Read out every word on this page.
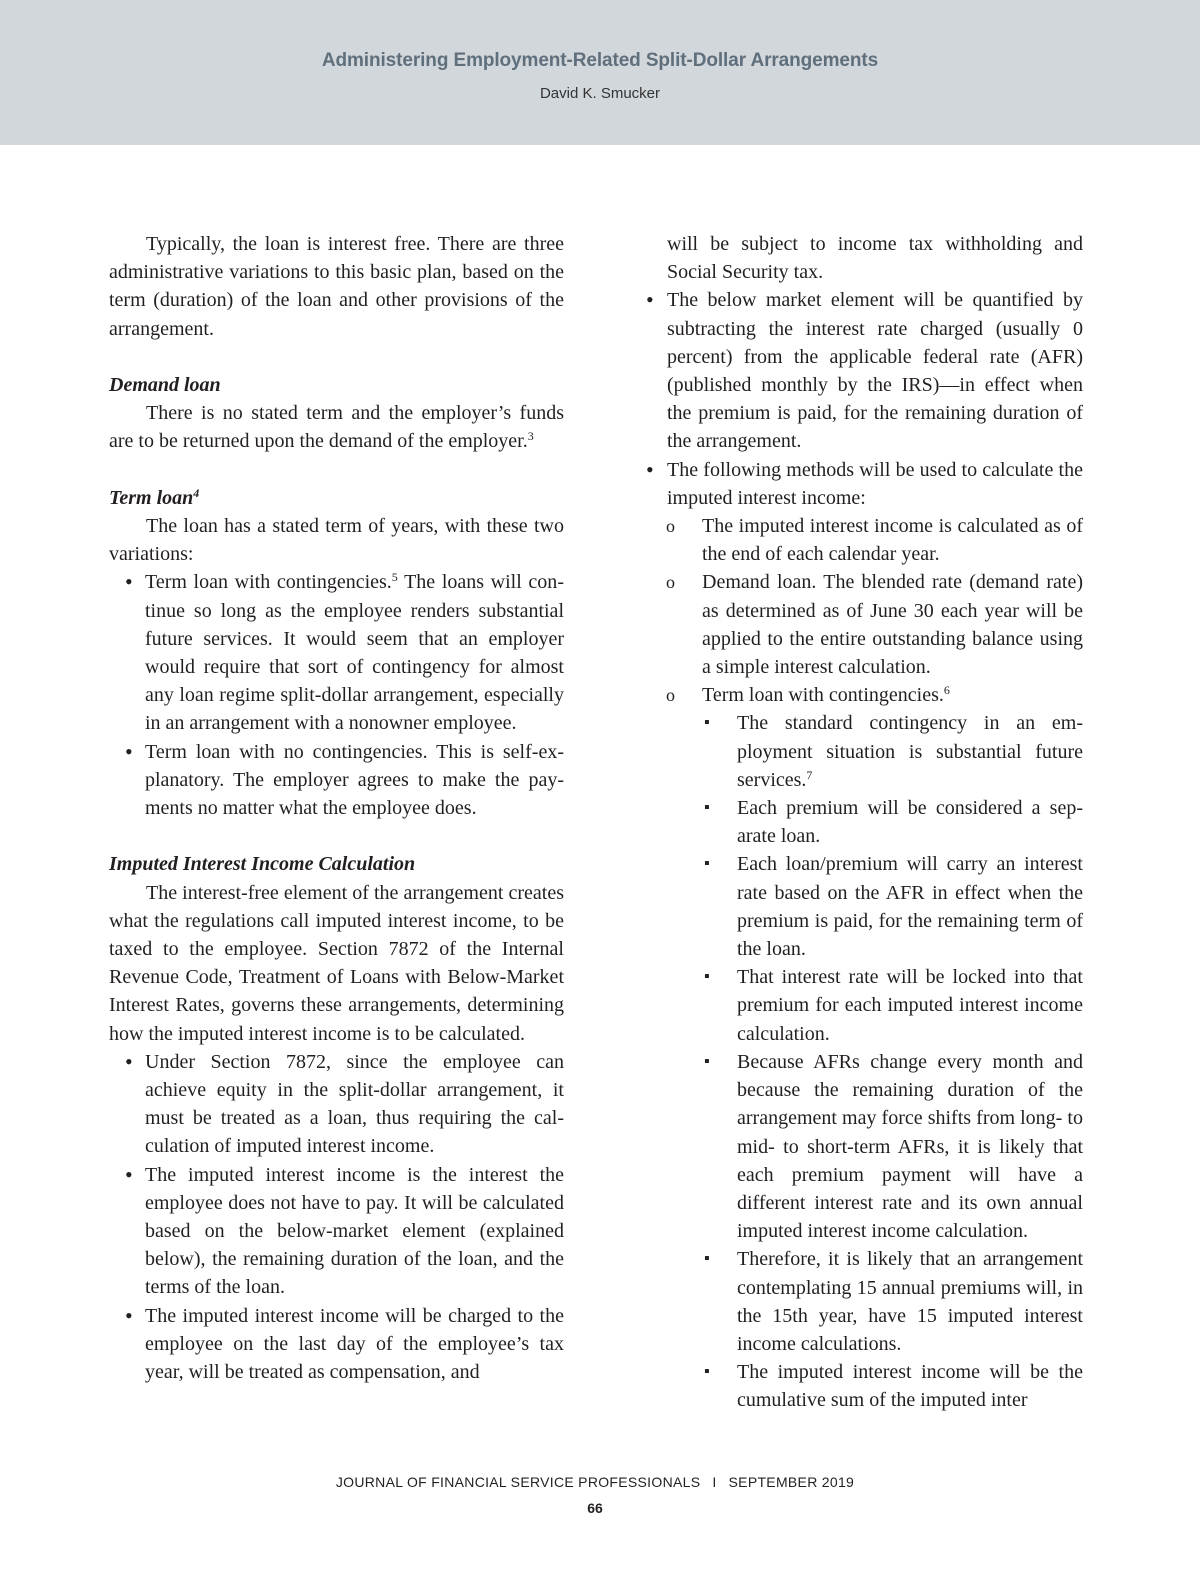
Administering Employment-Related Split-Dollar Arrangements
David K. Smucker

Typically, the loan is interest free. There are three administrative variations to this basic plan, based on the term (duration) of the loan and other provisions of the arrangement.

Demand loan

There is no stated term and the employer’s funds are to be returned upon the demand of the employer.$^3$

Term loan$^4$

The loan has a stated term of years, with these two variations:

• Term loan with contingencies.$^5$ The loans will continue so long as the employee renders substantial future services. It would seem that an employer would require that sort of contingency for almost any loan regime split-dollar arrangement, especially in an arrangement with a nonowner employee.
• Term loan with no contingencies. This is self-explanatory. The employer agrees to make the payments no matter what the employee does.

Imputed Interest Income Calculation

The interest-free element of the arrangement creates what the regulations call imputed interest income, to be taxed to the employee. Section 7872 of the Internal Revenue Code, Treatment of Loans with Below-Market Interest Rates, governs these arrangements, determining how the imputed interest income is to be calculated.

• Under Section 7872, since the employee can achieve equity in the split-dollar arrangement, it must be treated as a loan, thus requiring the calculation of imputed interest income.
• The imputed interest income is the interest the employee does not have to pay. It will be calculated based on the below-market element (explained below), the remaining duration of the loan, and the terms of the loan.
• The imputed interest income will be charged to the employee on the last day of the employee’s tax year, will be treated as compensation, and

will be subject to income tax withholding and Social Security tax.

• The below market element will be quantified by subtracting the interest rate charged (usually 0 percent) from the applicable federal rate (AFR) (published monthly by the IRS)—in effect when the premium is paid, for the remaining duration of the arrangement.
• The following methods will be used to calculate the imputed interest income:
o The imputed interest income is calculated as of the end of each calendar year.
o Demand loan. The blended rate (demand rate) as determined as of June 30 each year will be applied to the entire outstanding balance using a simple interest calculation.
o Term loan with contingencies.$^6$
▪ The standard contingency in an employment situation is substantial future services.$^7$
▪ Each premium will be considered a separate loan.
▪ Each loan/premium will carry an interest rate based on the AFR in effect when the premium is paid, for the remaining term of the loan.
▪ That interest rate will be locked into that premium for each imputed interest income calculation.
▪ Because AFRs change every month and because the remaining duration of the arrangement may force shifts from long- to mid- to short-term AFRs, it is likely that each premium payment will have a different interest rate and its own annual imputed interest income calculation.
▪ Therefore, it is likely that an arrangement contemplating 15 annual premiums will, in the 15th year, have 15 imputed interest income calculations.
▪ The imputed interest income will be the cumulative sum of the imputed inter
JOURNAL OF FINANCIAL SERVICE PROFESSIONALS I SEPTEMBER 2019
66
